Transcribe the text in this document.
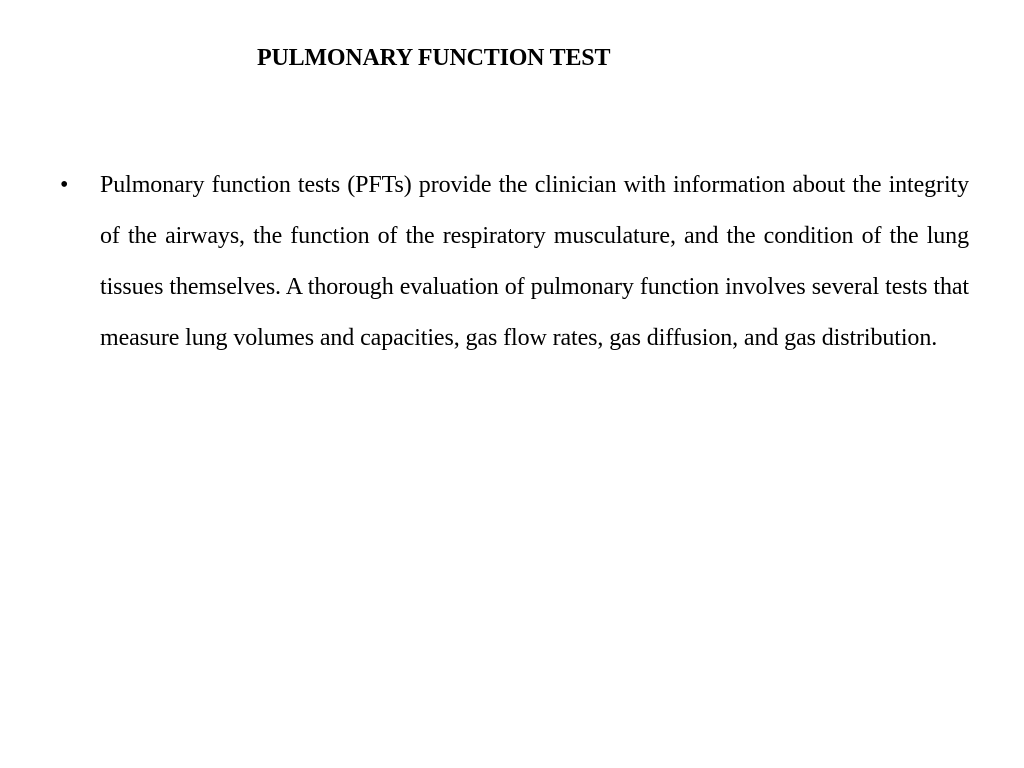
PULMONARY FUNCTION TEST
• Pulmonary function tests (PFTs) provide the clinician with information about the integrity of the airways, the function of the respiratory musculature, and the condition of the lung tissues themselves. A thorough evaluation of pulmonary function involves several tests that measure lung volumes and capacities, gas flow rates, gas diffusion, and gas distribution.
